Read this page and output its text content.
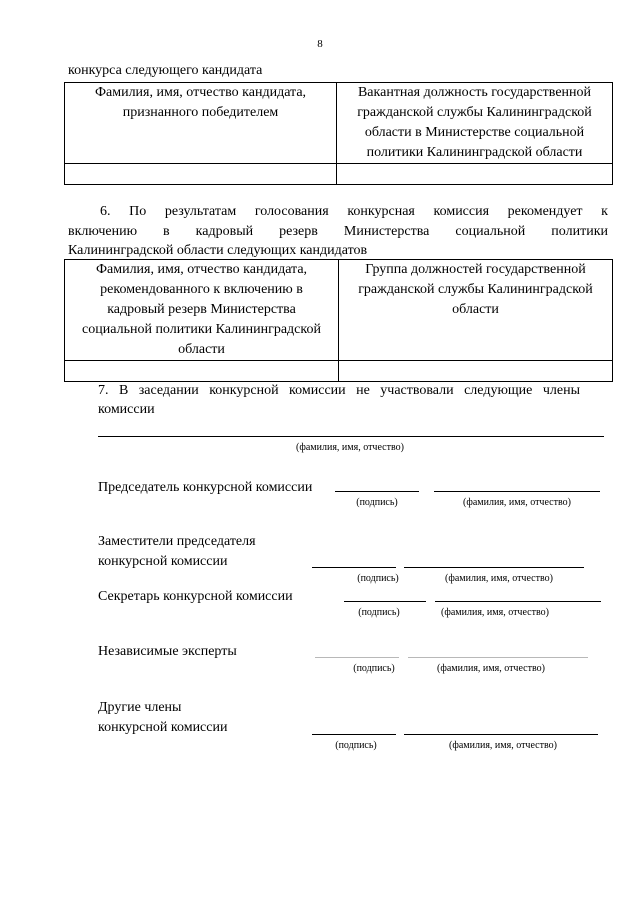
8
конкурса следующего кандидата
Фамилия, имя, отчество кандидата, признанного победителем	Вакантная должность государственной гражданской службы Калининградской области в Министерстве социальной политики Калининградской области

6. По результатам голосования конкурсная комиссия рекомендует к
включению в кадровый резерв Министерства социальной политики
Калининградской области следующих кандидатов
Фамилия, имя, отчество кандидата, рекомендованного к включению в кадровый резерв Министерства социальной политики Калининградской области	Группа должностей государственной гражданской службы Калининградской области

7. В заседании конкурсной комиссии не участвовали следующие члены
комиссии
(фамилия, имя, отчество)
Председатель конкурсной комиссии
(подпись)	(фамилия, имя, отчество)
Заместители председателя
конкурсной комиссии
(подпись)	(фамилия, имя, отчество)
Секретарь конкурсной комиссии
(подпись)	(фамилия, имя, отчество)
Независимые эксперты
(подпись)	(фамилия, имя, отчество)
Другие члены
конкурсной комиссии
(подпись)	(фамилия, имя, отчество)
